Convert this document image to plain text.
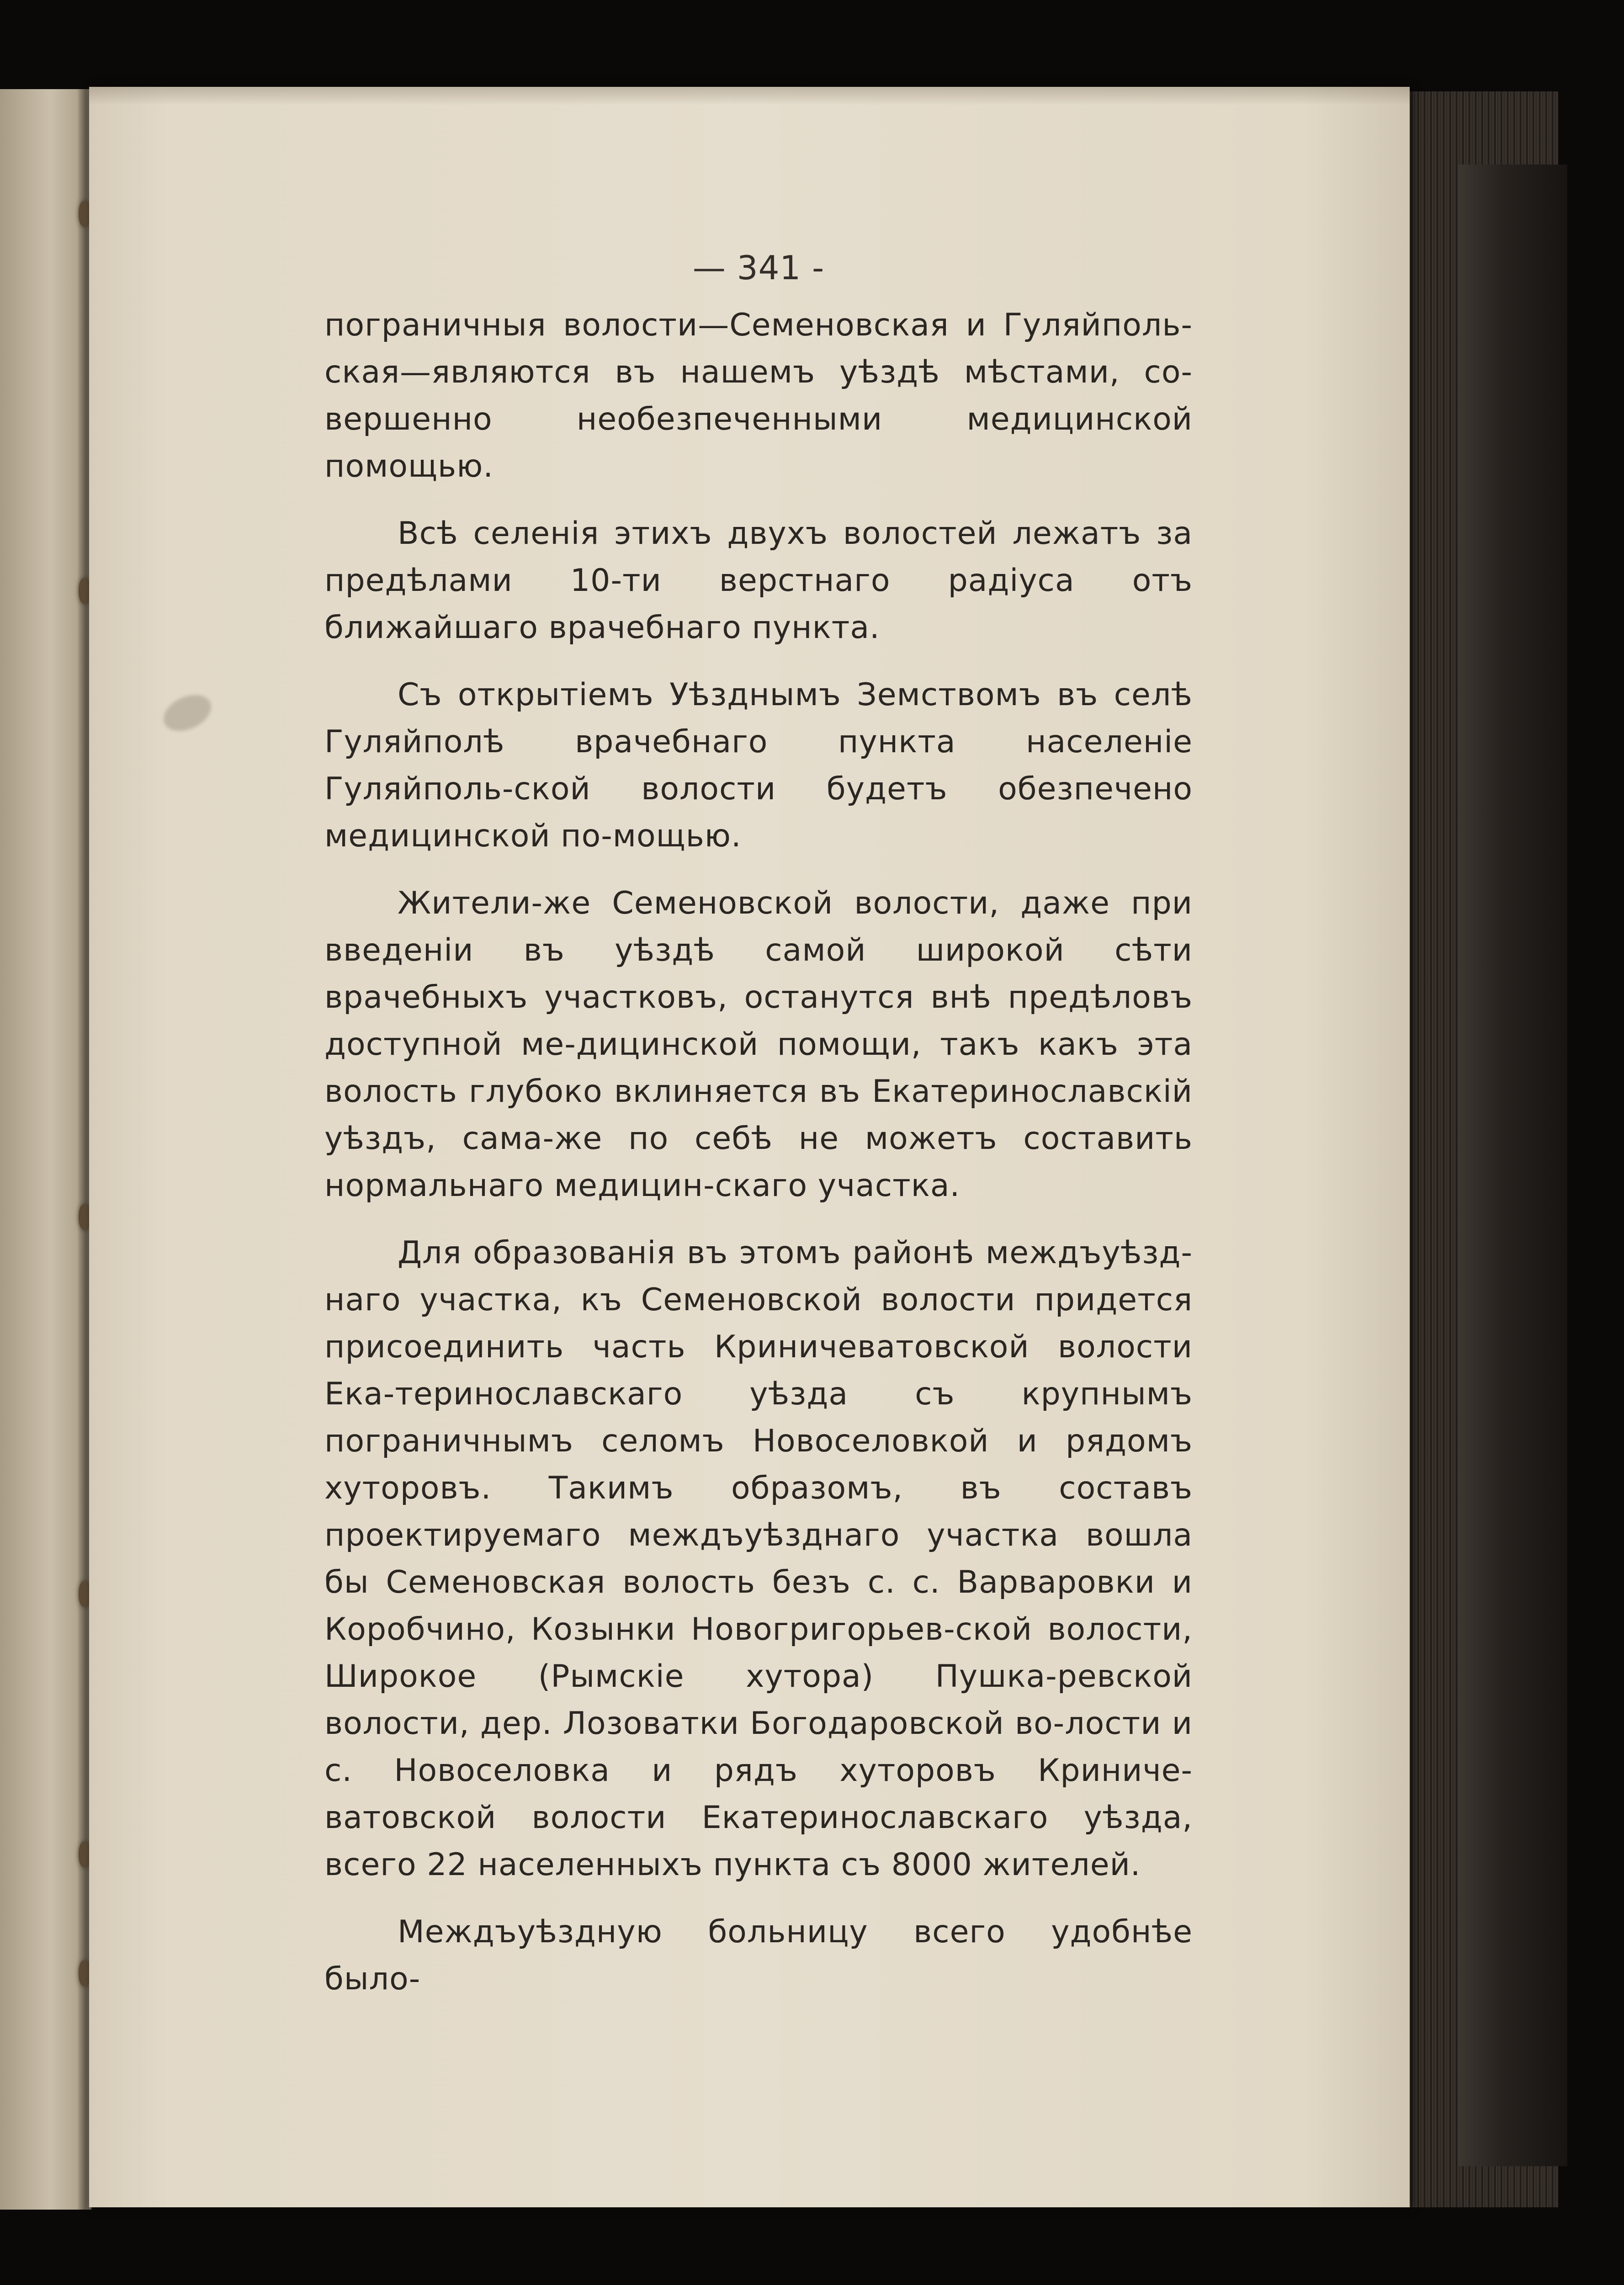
— 341 -

пограничныя волости—Семеновская и Гуляйполь-ская—являются въ нашемъ уѣздѣ мѣстами, со-вершенно необезпеченными медицинской помощью.

Всѣ селенія этихъ двухъ волостей лежатъ за предѣлами 10-ти верстнаго радіуса отъ ближайшаго врачебнаго пункта.

Съ открытіемъ Уѣзднымъ Земствомъ въ селѣ Гуляйполѣ врачебнаго пункта населеніе Гуляйполь-ской волости будетъ обезпечено медицинской по-мощью.

Жители-же Семеновской волости, даже при введеніи въ уѣздѣ самой широкой сѣти врачебныхъ участковъ, останутся внѣ предѣловъ доступной ме-дицинской помощи, такъ какъ эта волость глубоко вклиняется въ Екатеринославскій уѣздъ, сама-же по себѣ не можетъ составить нормальнаго медицин-скаго участка.

Для образованія въ этомъ районѣ междъуѣзд-наго участка, къ Семеновской волости придется присоединить часть Криничеватовской волости Ека-теринославскаго уѣзда съ крупнымъ пограничнымъ селомъ Новоселовкой и рядомъ хуторовъ. Такимъ образомъ, въ составъ проектируемаго междъуѣзднаго участка вошла бы Семеновская волость безъ с. с. Варваровки и Коробчино, Козынки Новогригорьев-ской волости, Широкое (Рымскіе хутора) Пушка-ревской волости, дер. Лозоватки Богодаровской во-лости и с. Новоселовка и рядъ хуторовъ Криниче-ватовской волости Екатеринославскаго уѣзда, всего 22 населенныхъ пункта съ 8000 жителей.

Междъуѣздную больницу всего удобнѣе было-
